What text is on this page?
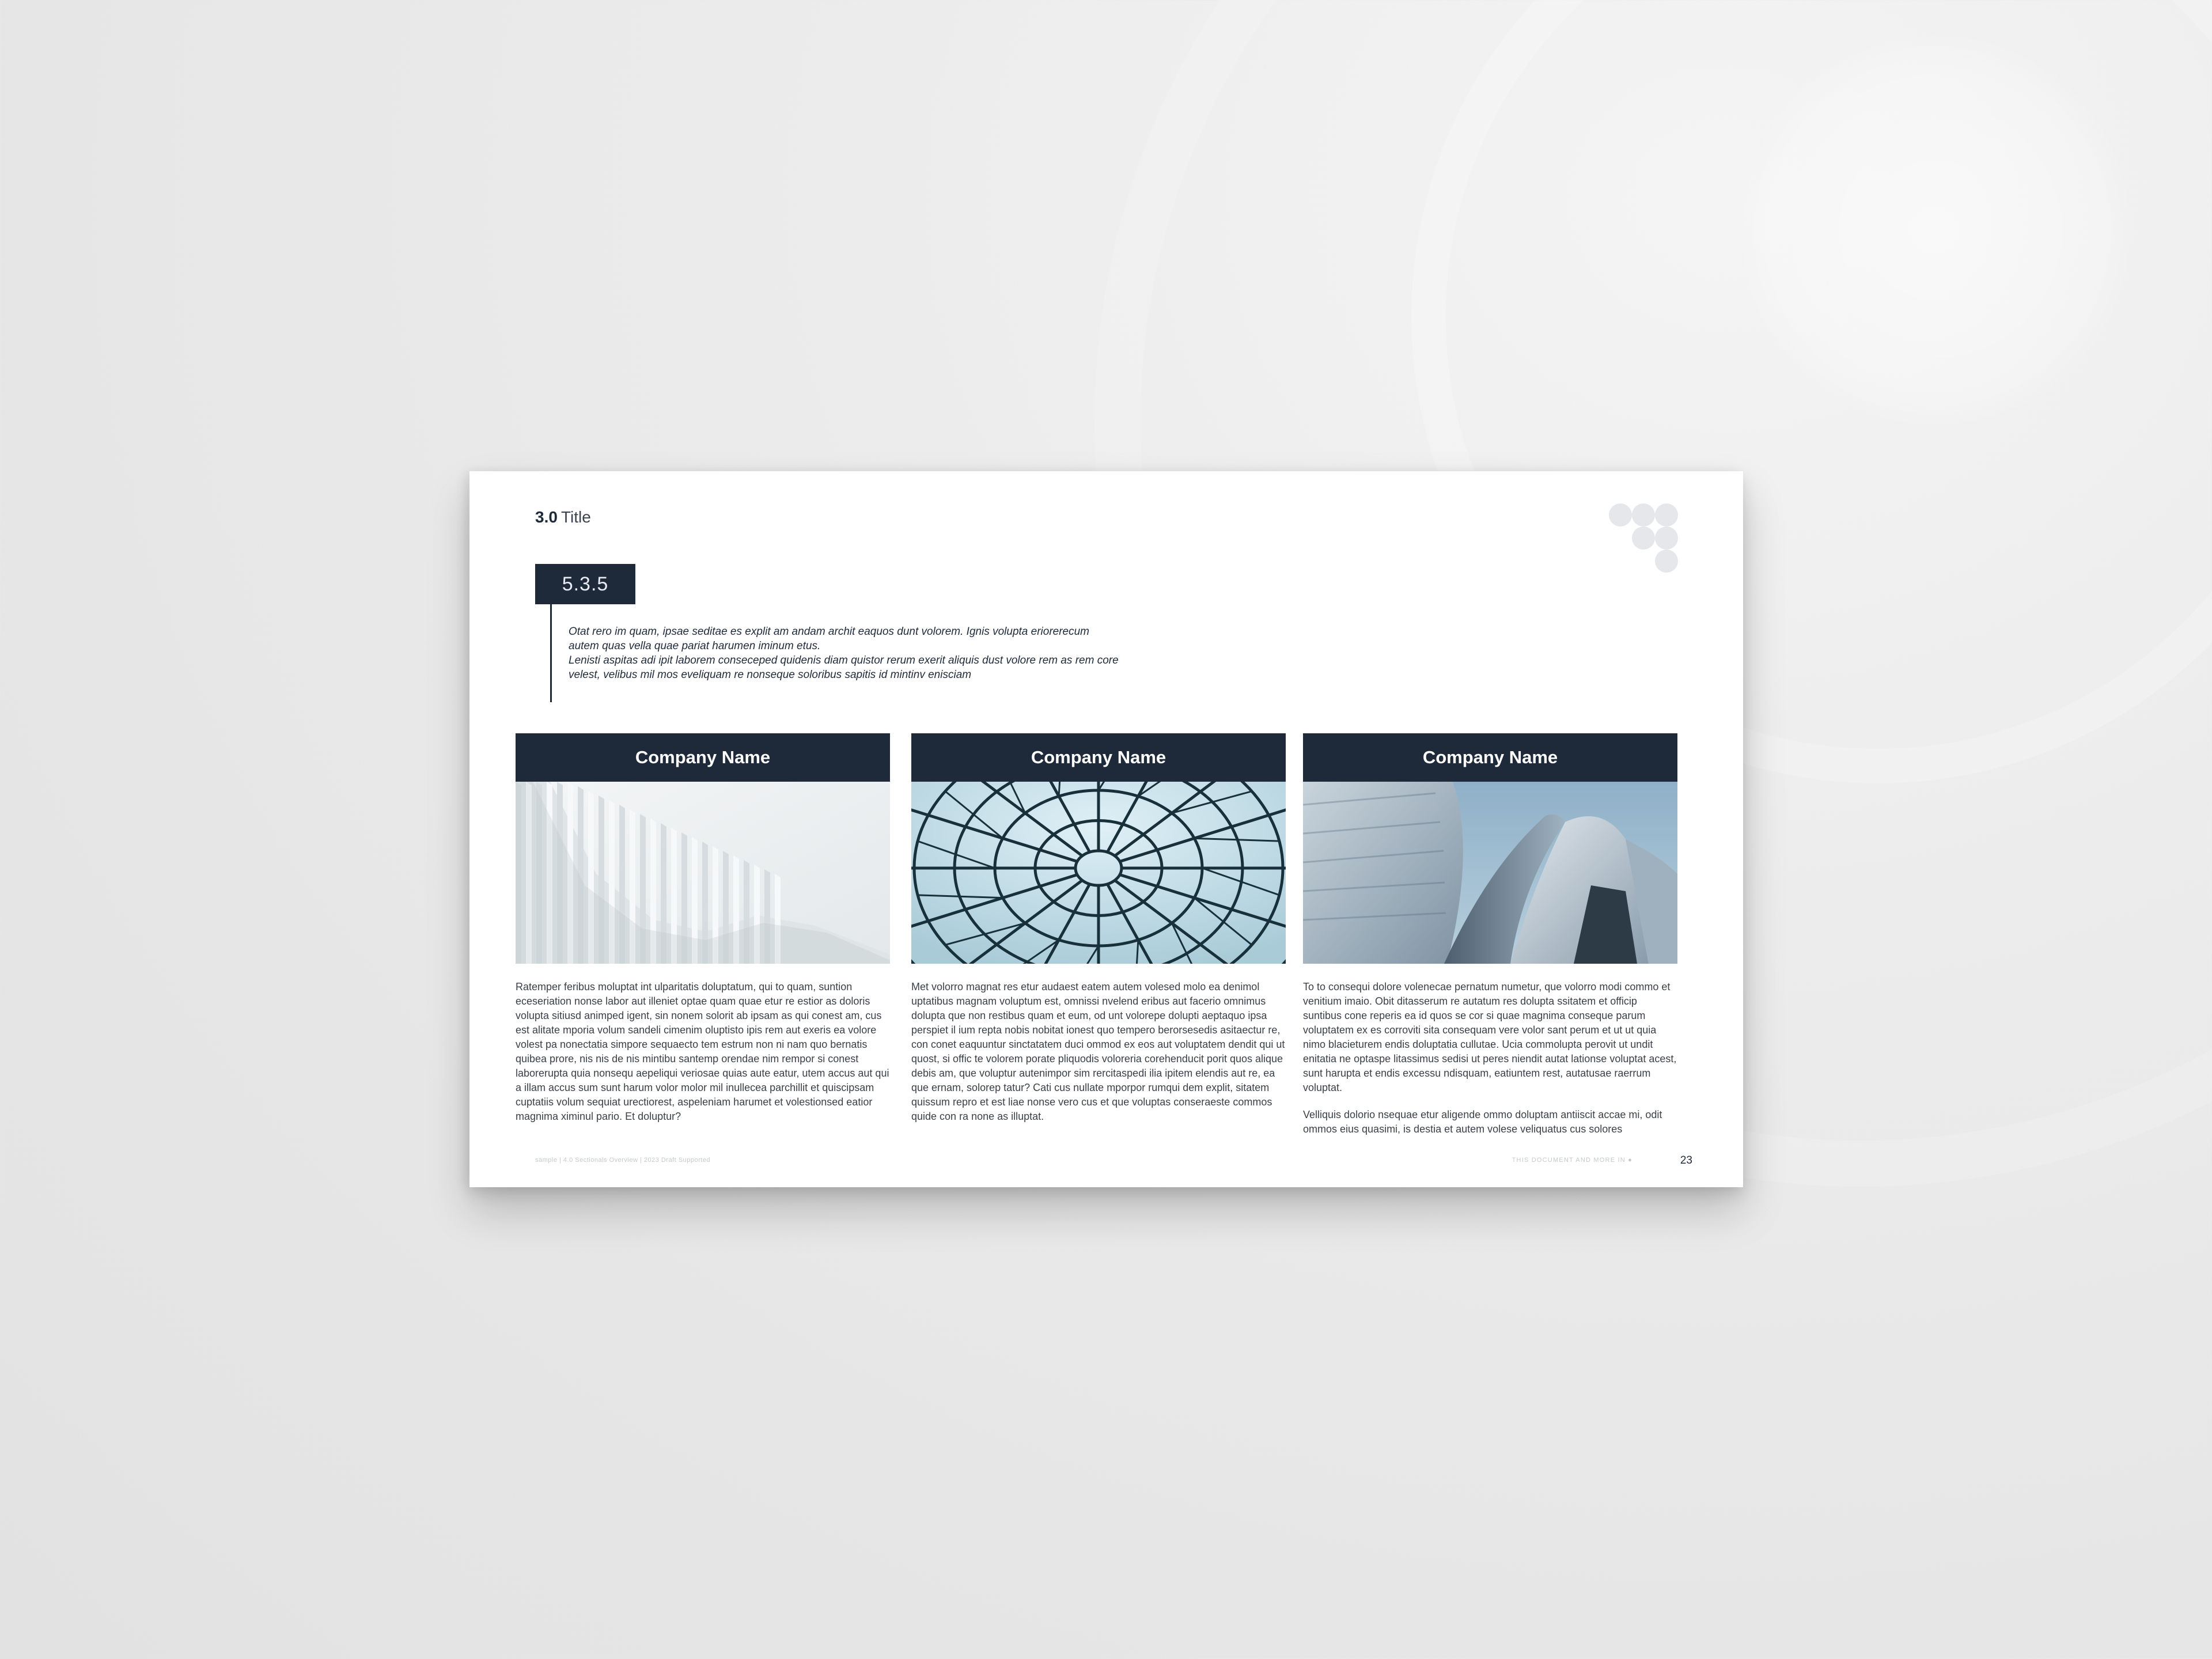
3.0 Title
5.3.5

Otat rero im quam, ipsae seditae es explit am andam archit eaquos dunt volorem. Ignis volupta eriorerecum autem quas vella quae pariat harumen iminum etus.

Lenisti aspitas adi ipit laborem conseceped quidenis diam quistor rerum exerit aliquis dust volore rem as rem core velest, velibus mil mos eveliquam re nonseque soloribus sapitis id mintinv enisciam

Company Name

Ratemper feribus moluptat int ulparitatis doluptatum, qui to quam, suntion eceseriation nonse labor aut illeniet optae quam quae etur re estior as doloris volupta sitiusd animped igent, sin nonem solorit ab ipsam as qui conest am, cus est alitate mporia volum sandeli cimenim oluptisto ipis rem aut exeris ea volore volest pa nonectatia simpore sequaecto tem estrum non ni nam quo bernatis quibea prore, nis nis de nis mintibu santemp orendae nim rempor si conest laborerupta quia nonsequ aepeliqui veriosae quias aute eatur, utem accus aut qui a illam accus sum sunt harum volor molor mil inullecea parchillit et quiscipsam cuptatiis volum sequiat urectiorest, aspeleniam harumet et volestionsed eatior magnima ximinul pario. Et doluptur?

Company Name

Met volorro magnat res etur audaest eatem autem volesed molo ea denimol uptatibus magnam voluptum est, omnissi nvelend eribus aut facerio omnimus dolupta que non restibus quam et eum, od unt volorepe dolupti aeptaquo ipsa perspiet il ium repta nobis nobitat ionest quo tempero berorsesedis asitaectur re, con conet eaquuntur sinctatatem duci ommod ex eos aut voluptatem dendit qui ut quost, si offic te volorem porate pliquodis voloreria corehenducit porit quos alique debis am, que voluptur autenimpor sim rercitaspedi ilia ipitem elendis aut re, ea que ernam, solorep tatur? Cati cus nullate mporpor rumqui dem explit, sitatem quissum repro et est liae nonse vero cus et que voluptas conseraeste commos quide con ra none as illuptat.

Company Name

To to consequi dolore volenecae pernatum numetur, que volorro modi commo et venitium imaio. Obit ditasserum re autatum res dolupta ssitatem et officip suntibus cone reperis ea id quos se cor si quae magnima conseque parum voluptatem ex es corroviti sita consequam vere volor sant perum et ut ut quia nimo blacieturem endis doluptatia cullutae. Ucia commolupta perovit ut undit enitatia ne optaspe litassimus sedisi ut peres niendit autat lationse voluptat acest, sunt harupta et endis excessu ndisquam, eatiuntem rest, autatusae raerrum voluptat.

Velliquis dolorio nsequae etur aligende ommo doluptam antiiscit accae mi, odit ommos eius quasimi, is destia et autem volese veliquatus cus solores

sample | 4.0 Sectionals Overview | 2023 Draft Supported	THIS DOCUMENT AND MORE IN ●	23
